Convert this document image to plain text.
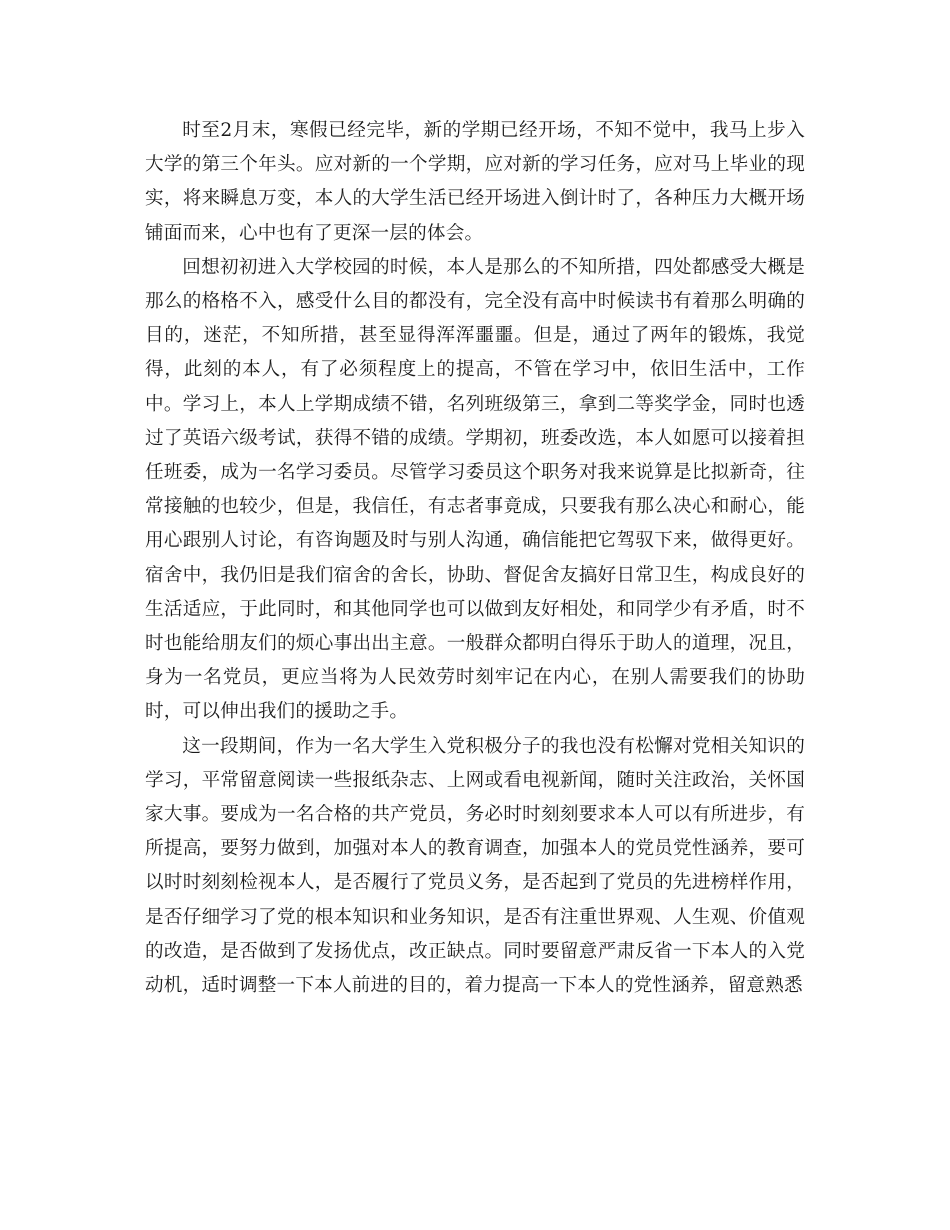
时至2月末，寒假已经完毕，新的学期已经开场，不知不觉中，我马上步入大学的第三个年头。应对新的一个学期，应对新的学习任务，应对马上毕业的现实，将来瞬息万变，本人的大学生活已经开场进入倒计时了，各种压力大概开场铺面而来，心中也有了更深一层的体会。

回想初初进入大学校园的时候，本人是那么的不知所措，四处都感受大概是那么的格格不入，感受什么目的都没有，完全没有高中时候读书有着那么明确的目的，迷茫，不知所措，甚至显得浑浑噩噩。但是，通过了两年的锻炼，我觉得，此刻的本人，有了必须程度上的提高，不管在学习中，依旧生活中，工作中。学习上，本人上学期成绩不错，名列班级第三，拿到二等奖学金，同时也透过了英语六级考试，获得不错的成绩。学期初，班委改选，本人如愿可以接着担任班委，成为一名学习委员。尽管学习委员这个职务对我来说算是比拟新奇，往常接触的也较少，但是，我信任，有志者事竟成，只要我有那么决心和耐心，能用心跟别人讨论，有咨询题及时与别人沟通，确信能把它驾驭下来，做得更好。宿舍中，我仍旧是我们宿舍的舍长，协助、督促舍友搞好日常卫生，构成良好的生活适应，于此同时，和其他同学也可以做到友好相处，和同学少有矛盾，时不时也能给朋友们的烦心事出出主意。一般群众都明白得乐于助人的道理，况且，身为一名党员，更应当将为人民效劳时刻牢记在内心，在别人需要我们的协助时，可以伸出我们的援助之手。

这一段期间，作为一名大学生入党积极分子的我也没有松懈对党相关知识的学习，平常留意阅读一些报纸杂志、上网或看电视新闻，随时关注政治，关怀国家大事。要成为一名合格的共产党员，务必时时刻刻要求本人可以有所进步，有所提高，要努力做到，加强对本人的教育调查，加强本人的党员党性涵养，要可以时时刻刻检视本人，是否履行了党员义务，是否起到了党员的先进榜样作用，是否仔细学习了党的根本知识和业务知识，是否有注重世界观、人生观、价值观的改造，是否做到了发扬优点，改正缺点。同时要留意严肃反省一下本人的入党动机，适时调整一下本人前进的目的，着力提高一下本人的党性涵养，留意熟悉
